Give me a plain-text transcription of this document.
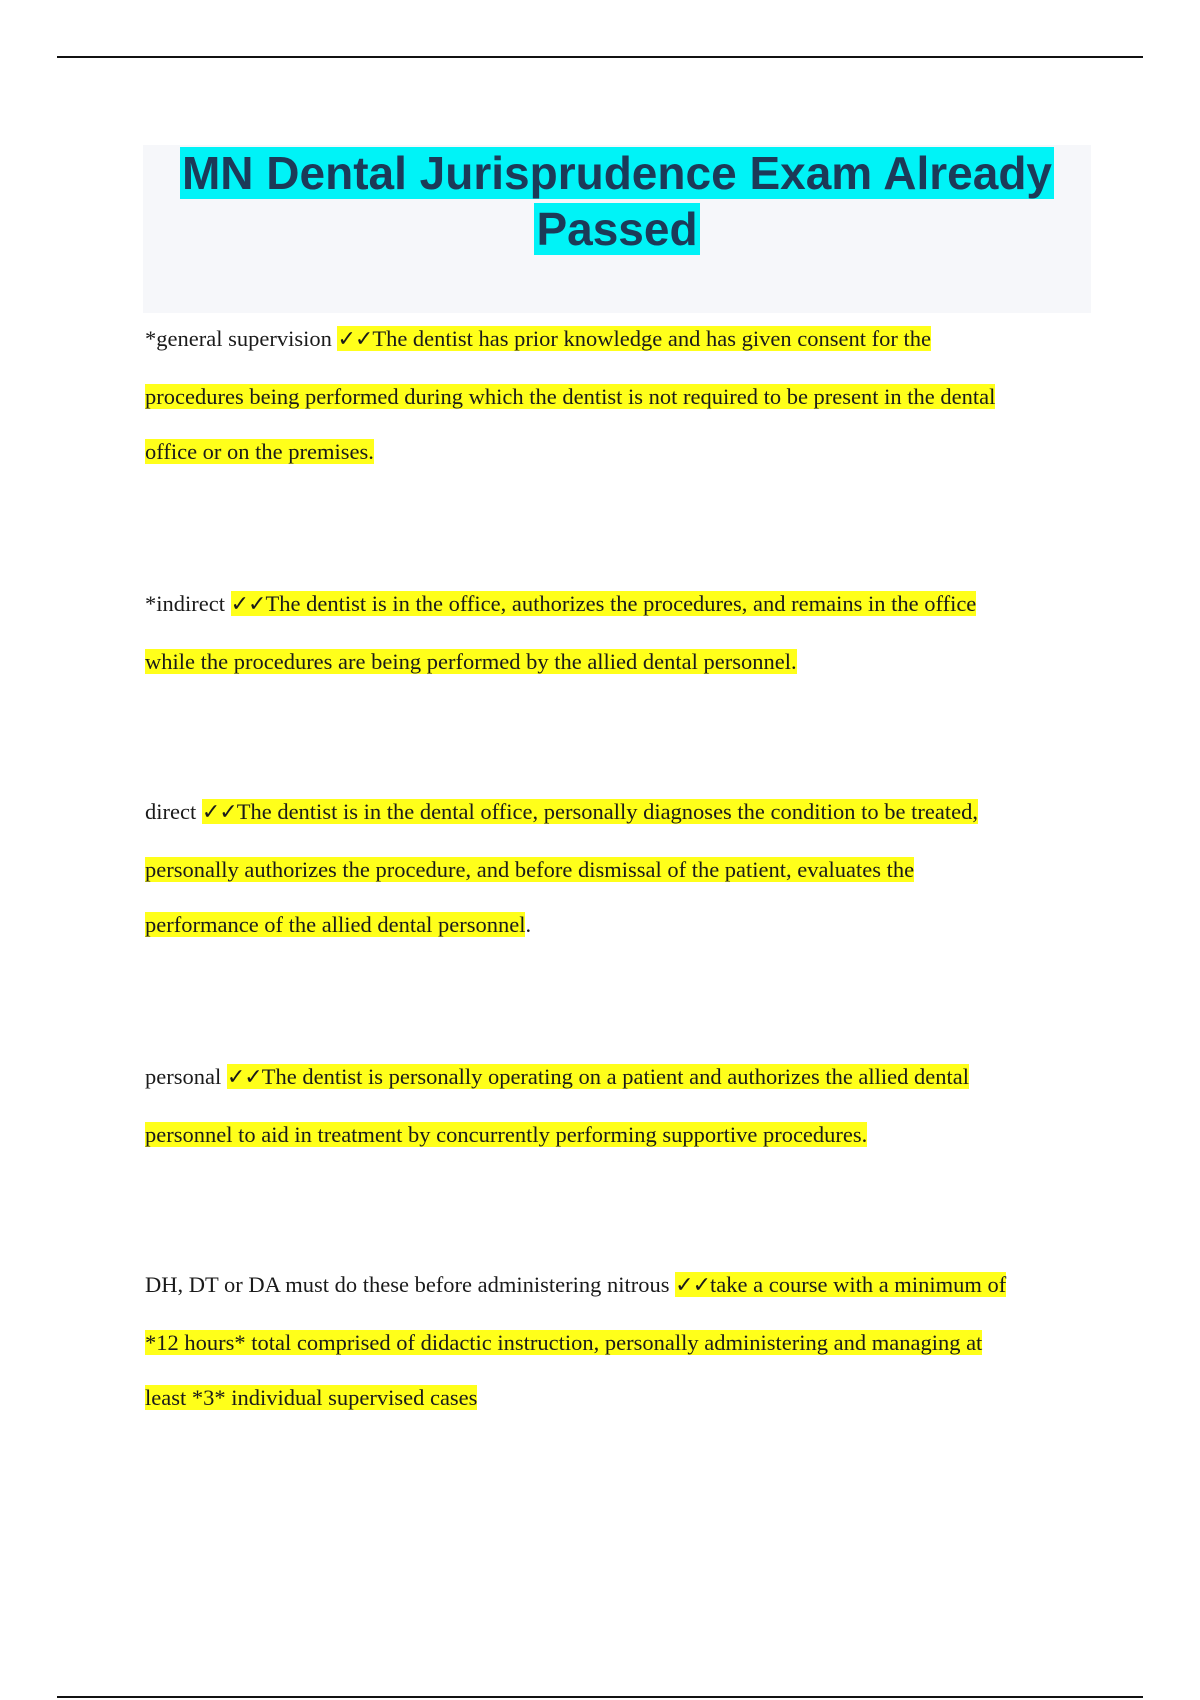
MN Dental Jurisprudence Exam Already
Passed
*general supervision ✓✓The dentist has prior knowledge and has given consent for the
procedures being performed during which the dentist is not required to be present in the dental
office or on the premises.
*indirect ✓✓The dentist is in the office, authorizes the procedures, and remains in the office
while the procedures are being performed by the allied dental personnel.
direct ✓✓The dentist is in the dental office, personally diagnoses the condition to be treated,
personally authorizes the procedure, and before dismissal of the patient, evaluates the
performance of the allied dental personnel.
personal ✓✓The dentist is personally operating on a patient and authorizes the allied dental
personnel to aid in treatment by concurrently performing supportive procedures.
DH, DT or DA must do these before administering nitrous ✓✓take a course with a minimum of
*12 hours* total comprised of didactic instruction, personally administering and managing at
least *3* individual supervised cases
